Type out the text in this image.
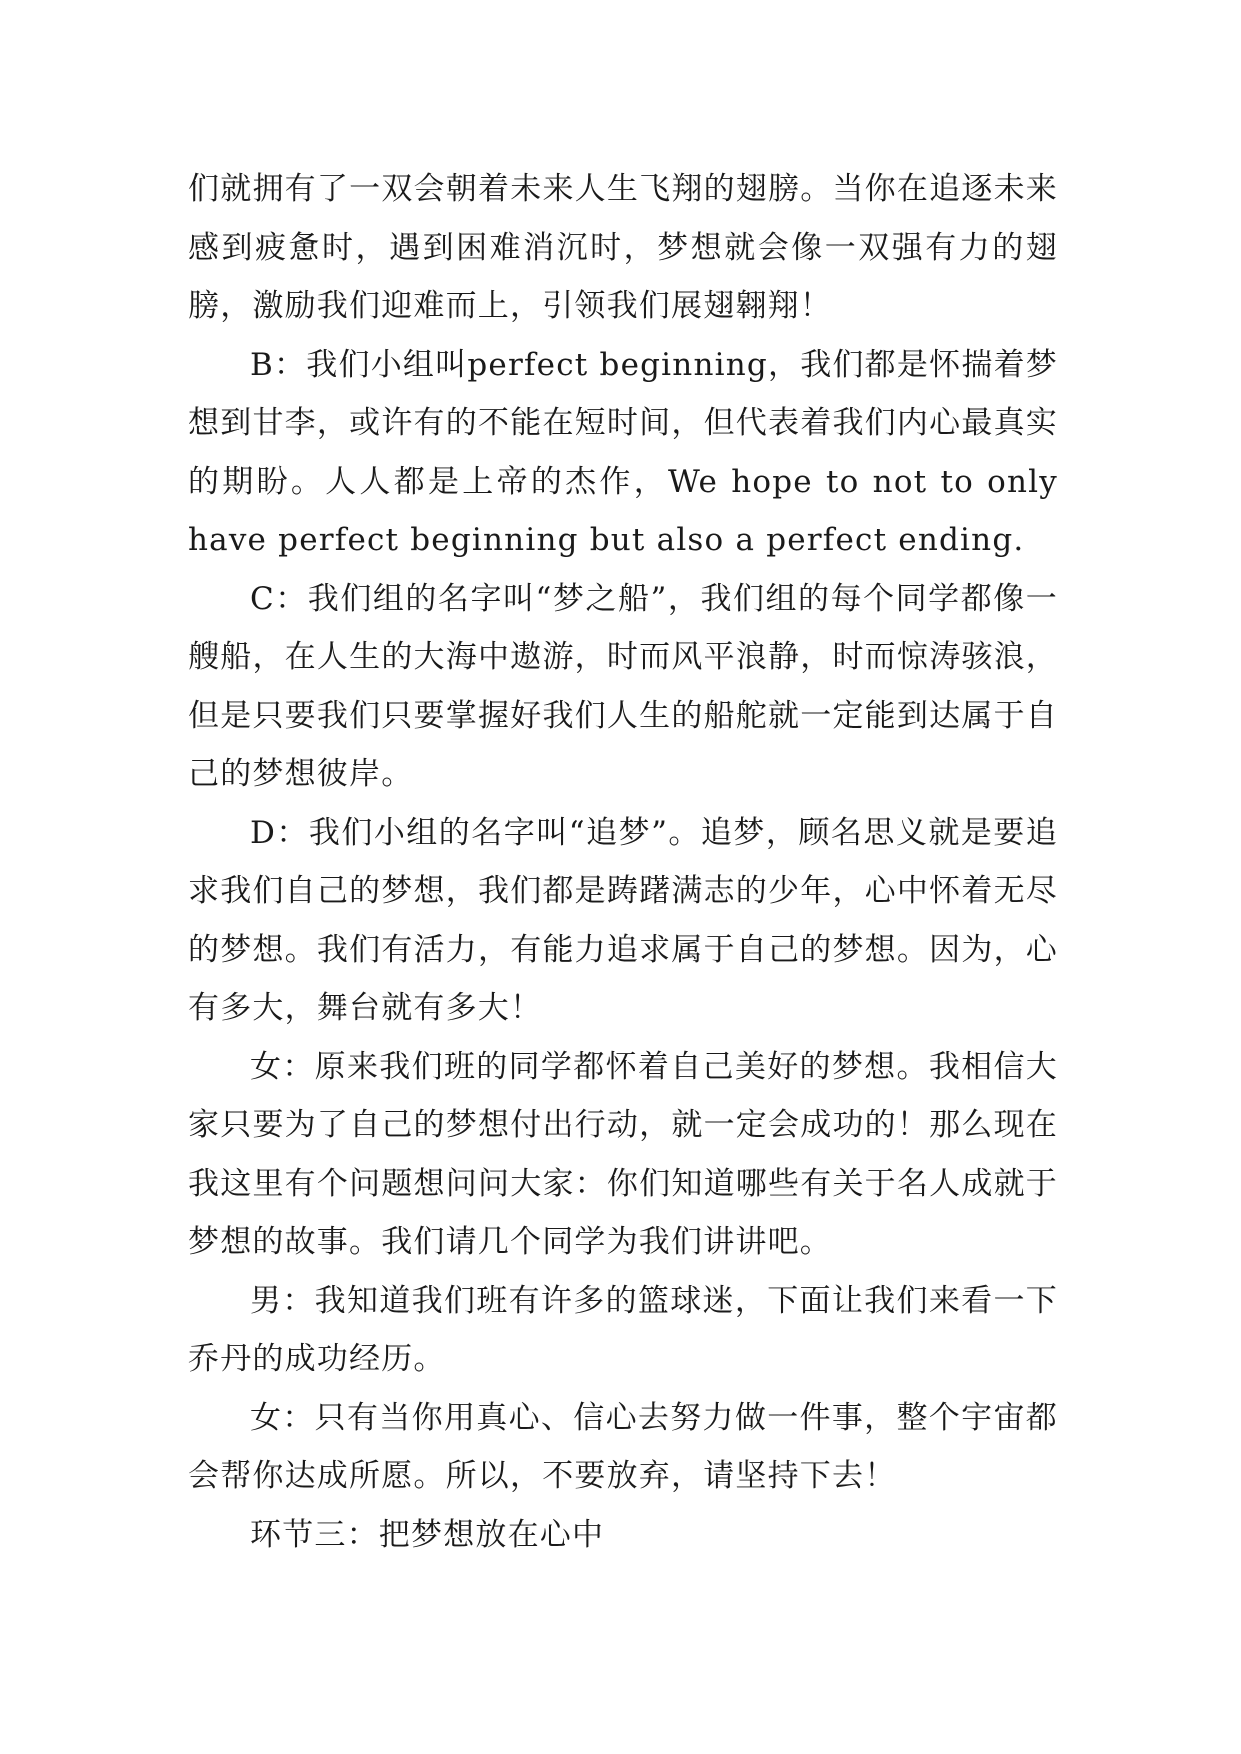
们就拥有了一双会朝着未来人生飞翔的翅膀。当你在追逐未来感到疲惫时，遇到困难消沉时，梦想就会像一双强有力的翅膀，激励我们迎难而上，引领我们展翅翱翔！

B：我们小组叫perfect beginning，我们都是怀揣着梦想到甘李，或许有的不能在短时间，但代表着我们内心最真实的期盼。人人都是上帝的杰作，We hope to not to only have perfect beginning but also a perfect ending.

C：我们组的名字叫“梦之船”，我们组的每个同学都像一艘船，在人生的大海中遨游，时而风平浪静，时而惊涛骇浪，但是只要我们只要掌握好我们人生的船舵就一定能到达属于自己的梦想彼岸。

D：我们小组的名字叫“追梦”。追梦，顾名思义就是要追求我们自己的梦想，我们都是踌躇满志的少年，心中怀着无尽的梦想。我们有活力，有能力追求属于自己的梦想。因为，心有多大，舞台就有多大！

女：原来我们班的同学都怀着自己美好的梦想。我相信大家只要为了自己的梦想付出行动，就一定会成功的！那么现在我这里有个问题想问问大家：你们知道哪些有关于名人成就于梦想的故事。我们请几个同学为我们讲讲吧。

男：我知道我们班有许多的篮球迷，下面让我们来看一下乔丹的成功经历。

女：只有当你用真心、信心去努力做一件事，整个宇宙都会帮你达成所愿。所以，不要放弃，请坚持下去！

环节三：把梦想放在心中
